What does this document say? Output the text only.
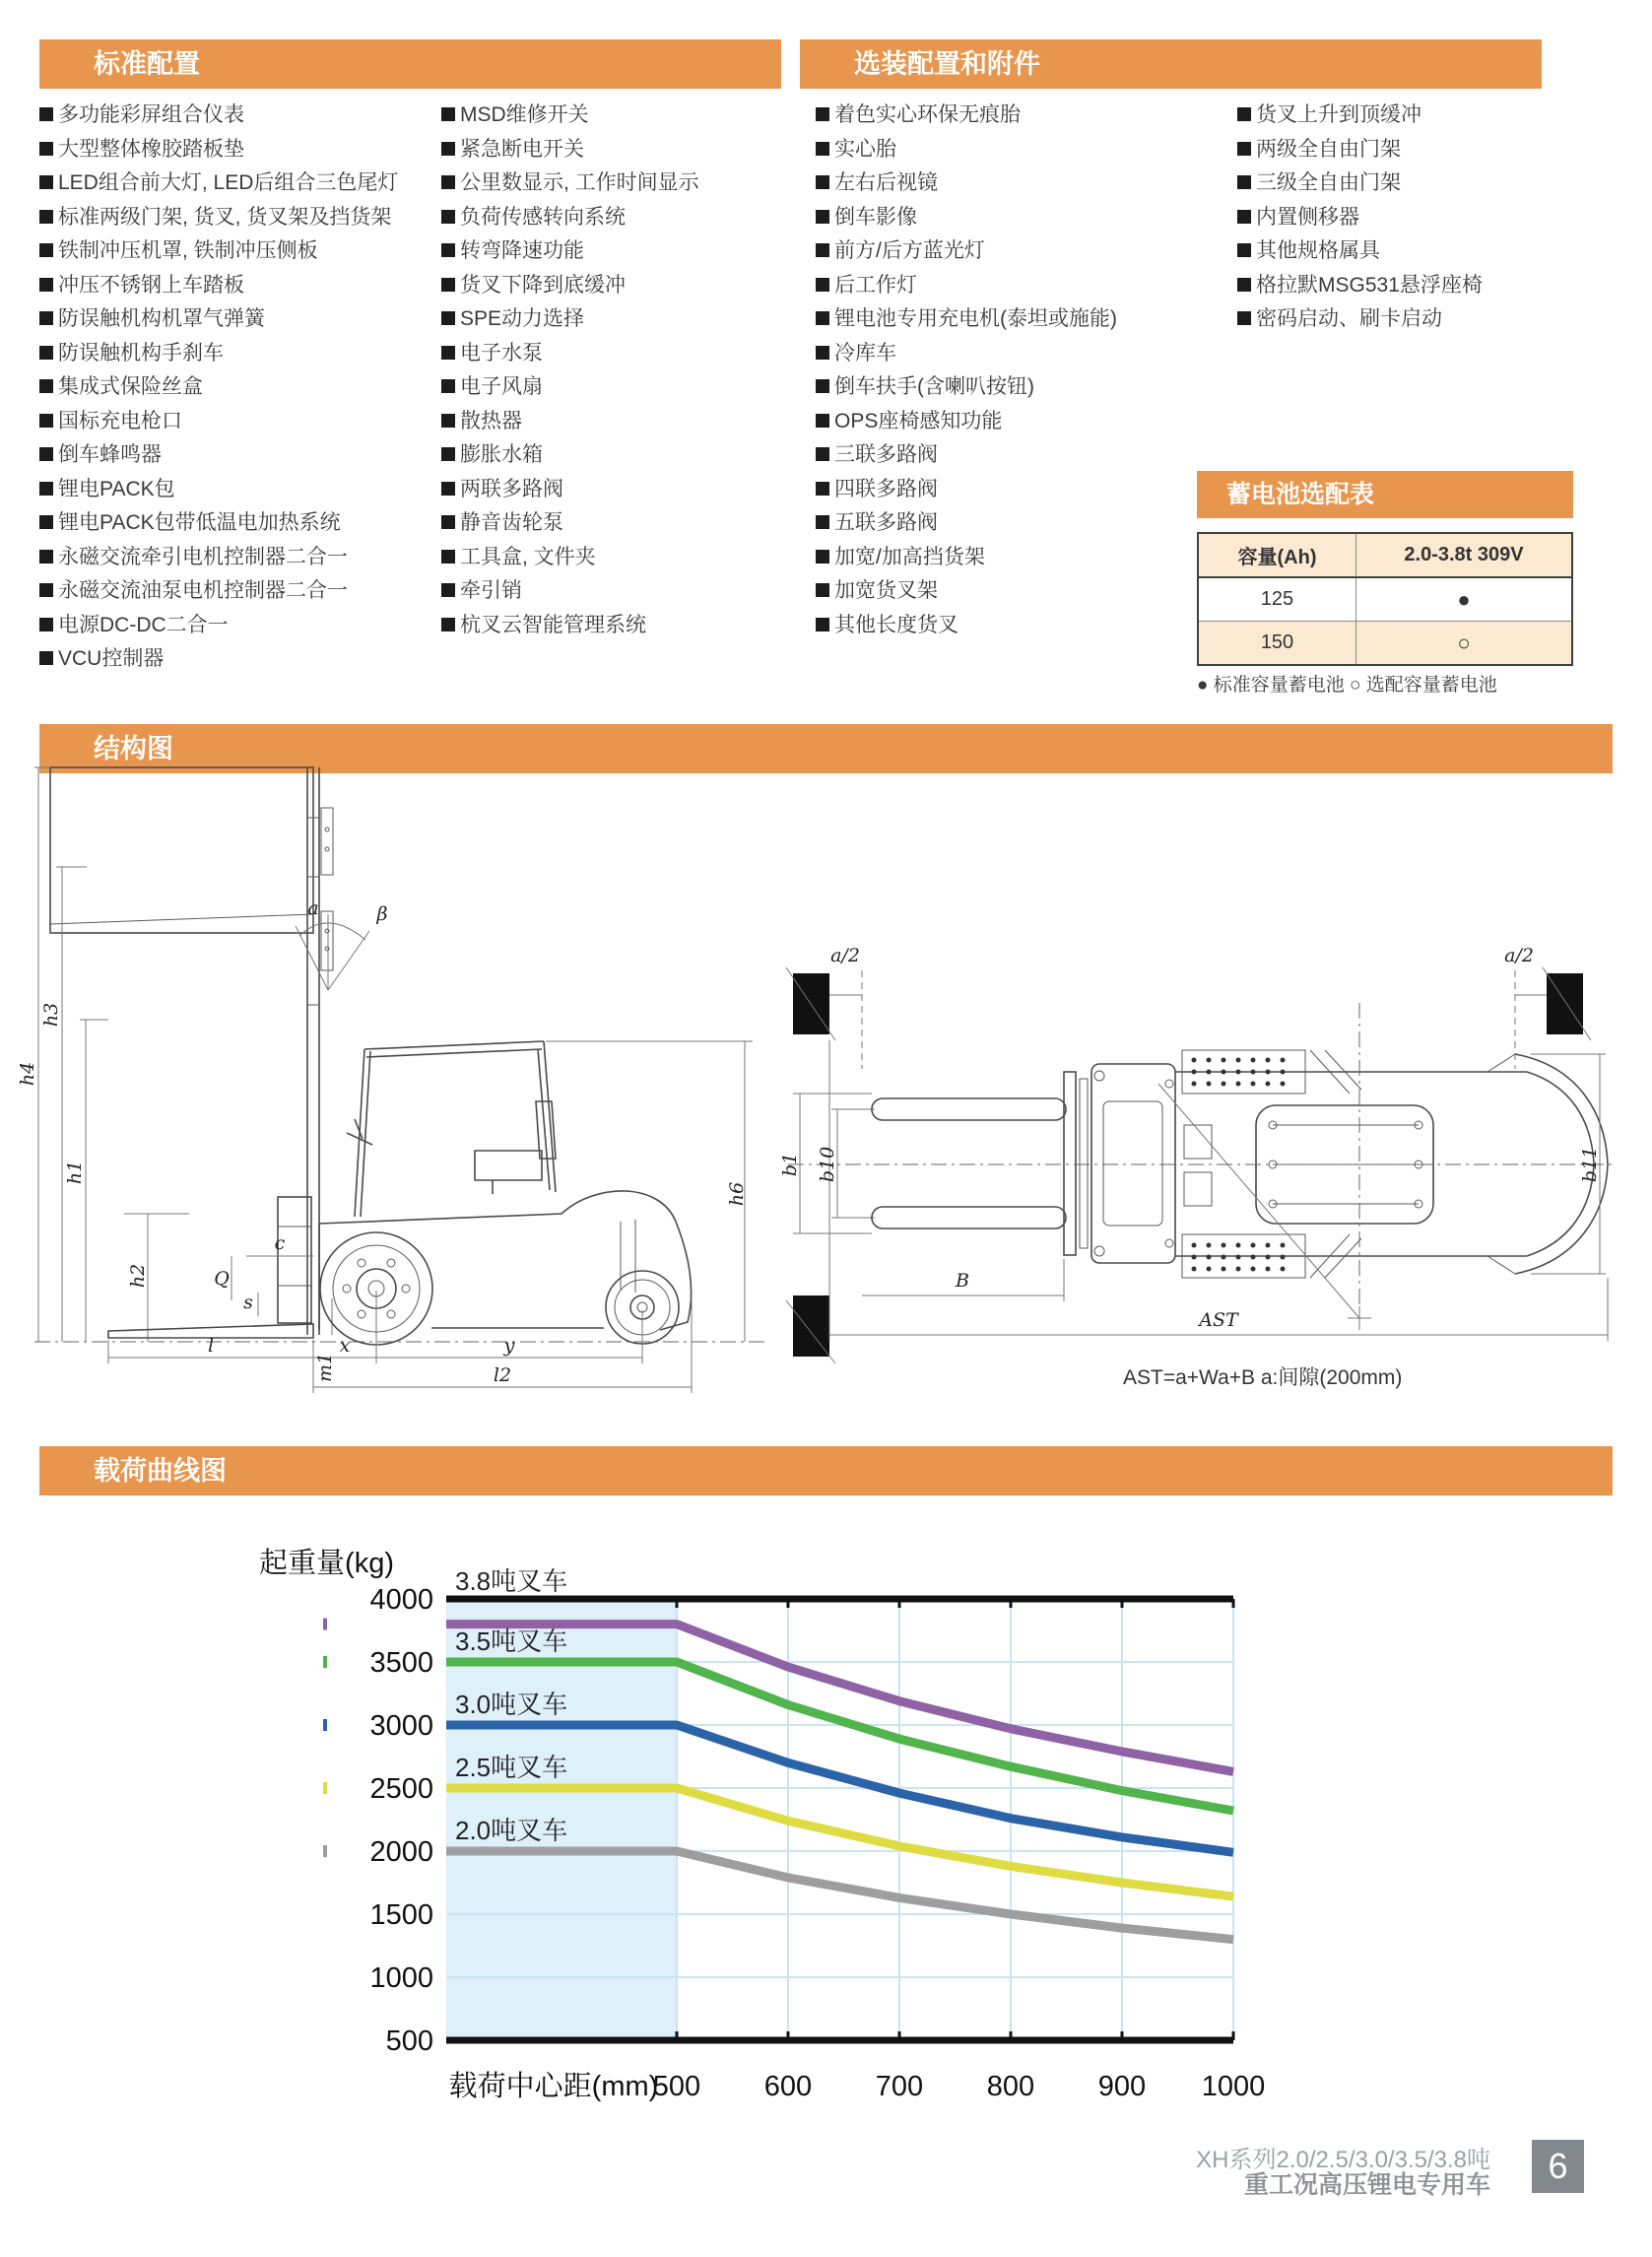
标准配置	选装配置和附件
多功能彩屏组合仪表
大型整体橡胶踏板垫
LED组合前大灯, LED后组合三色尾灯
标准两级门架, 货叉, 货叉架及挡货架
铁制冲压机罩, 铁制冲压侧板
冲压不锈钢上车踏板
防误触机构机罩气弹簧
防误触机构手刹车
集成式保险丝盒
国标充电枪口
倒车蜂鸣器
锂电PACK包
锂电PACK包带低温电加热系统
永磁交流牵引电机控制器二合一
永磁交流油泵电机控制器二合一
电源DC-DC二合一
VCU控制器
MSD维修开关
紧急断电开关
公里数显示, 工作时间显示
负荷传感转向系统
转弯降速功能
货叉下降到底缓冲
SPE动力选择
电子水泵
电子风扇
散热器
膨胀水箱
两联多路阀
静音齿轮泵
工具盒, 文件夹
牵引销
杭叉云智能管理系统
着色实心环保无痕胎
实心胎
左右后视镜
倒车影像
前方/后方蓝光灯
后工作灯
锂电池专用充电机(泰坦或施能)
冷库车
倒车扶手(含喇叭按钮)
OPS座椅感知功能
三联多路阀
四联多路阀
五联多路阀
加宽/加高挡货架
加宽货叉架
其他长度货叉
货叉上升到顶缓冲
两级全自由门架
三级全自由门架
内置侧移器
其他规格属具
格拉默MSG531悬浮座椅
密码启动、刷卡启动
蓄电池选配表
容量(Ah)	2.0-3.8t 309V
125	●
150	○
● 标准容量蓄电池 ○ 选配容量蓄电池
结构图
h4
h3
h1
h2
h6
m1
c
Q
s
a	β
l	x	y
l2
a/2	a/2
b1 b10	b11
B
AST
AST=a+Wa+B a:间隙(200mm)
载荷曲线图
4000
3500
3000
2500
2000
1500
1000
500
500 600 700 800 900 1000
起重量(kg)
载荷中心距(mm)
3.8吨叉车
3.5吨叉车
3.0吨叉车
2.5吨叉车
2.0吨叉车
XH系列2.0/2.5/3.0/3.5/3.8吨
重工况高压锂电专用车	6
